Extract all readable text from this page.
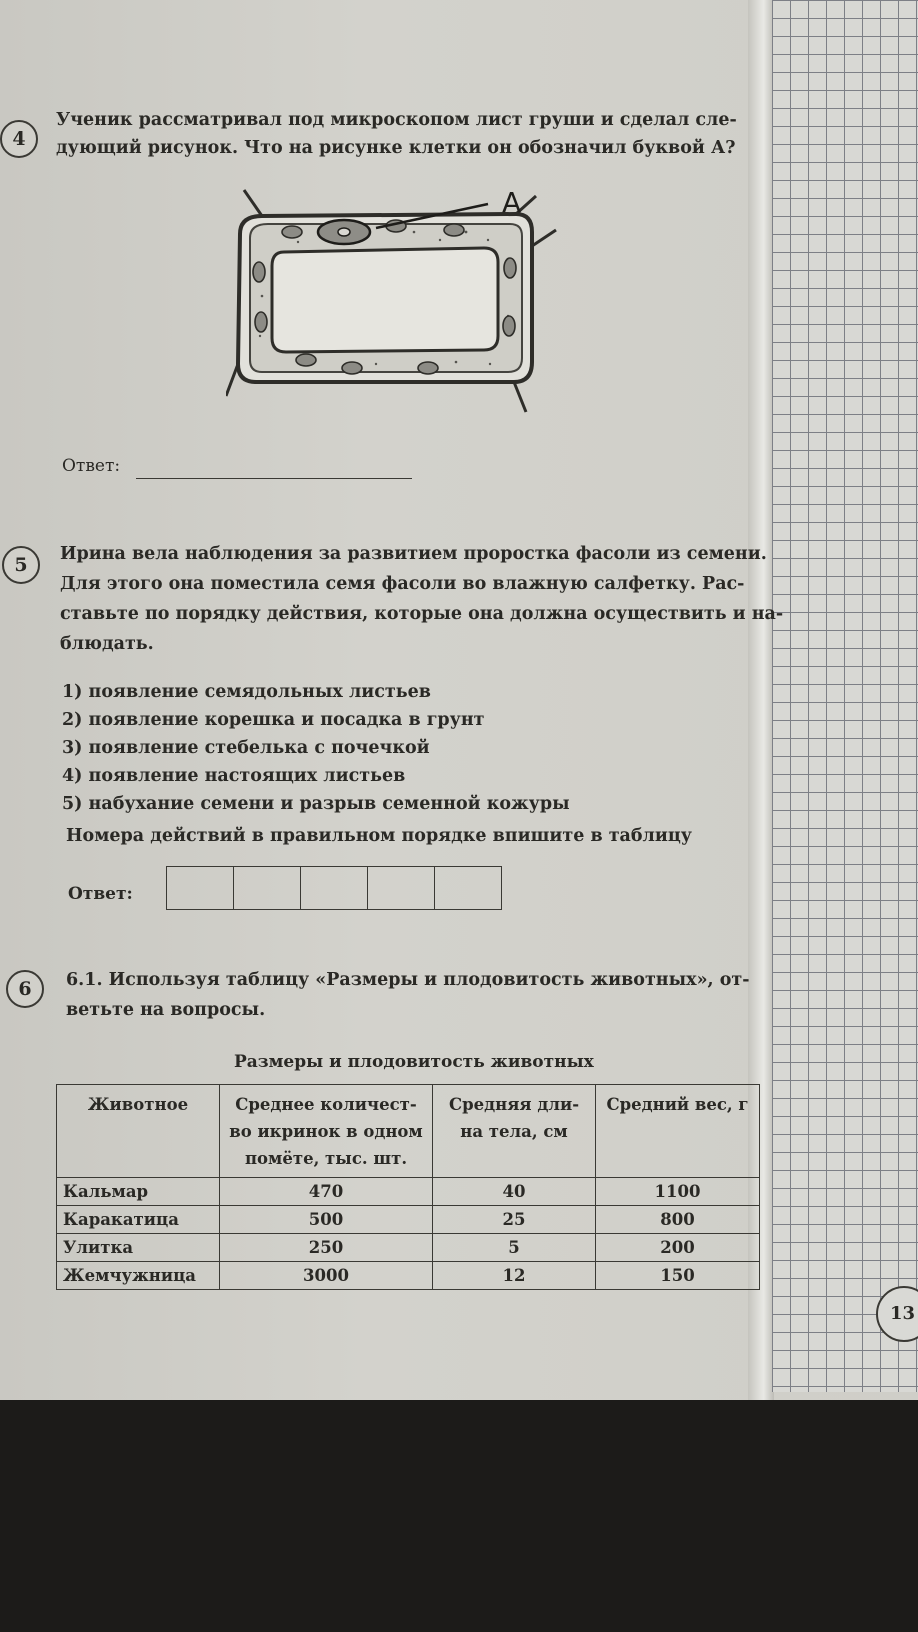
4
Ученик рассматривал под микроскопом лист груши и сделал сле-
дующий рисунок. Что на рисунке клетки он обозначил буквой А?
А
Ответ:
5	Ирина вела наблюдения за развитием проростка фасоли из семени.
Для этого она поместила семя фасоли во влажную салфетку. Рас-
ставьте по порядку действия, которые она должна осуществить и на-
блюдать.
1) появление семядольных листьев
2) появление корешка и посадка в грунт
3) появление стебелька с почечкой
4) появление настоящих листьев
5) набухание семени и разрыв семенной кожуры
Номера действий в правильном порядке впишите в таблицу
Ответ:
6	6.1. Используя таблицу «Размеры и плодовитость животных», от-
ветьте на вопросы.
Размеры и плодовитость животных
Животное	Среднее количест-во икринок в одном помёте, тыс. шт.	Средняя дли-на тела, см	Средний вес, г
Кальмар	470	40	1100
Каракатица	500	25	800
Улитка	250	5	200
Жемчужница	3000	12	150
13
